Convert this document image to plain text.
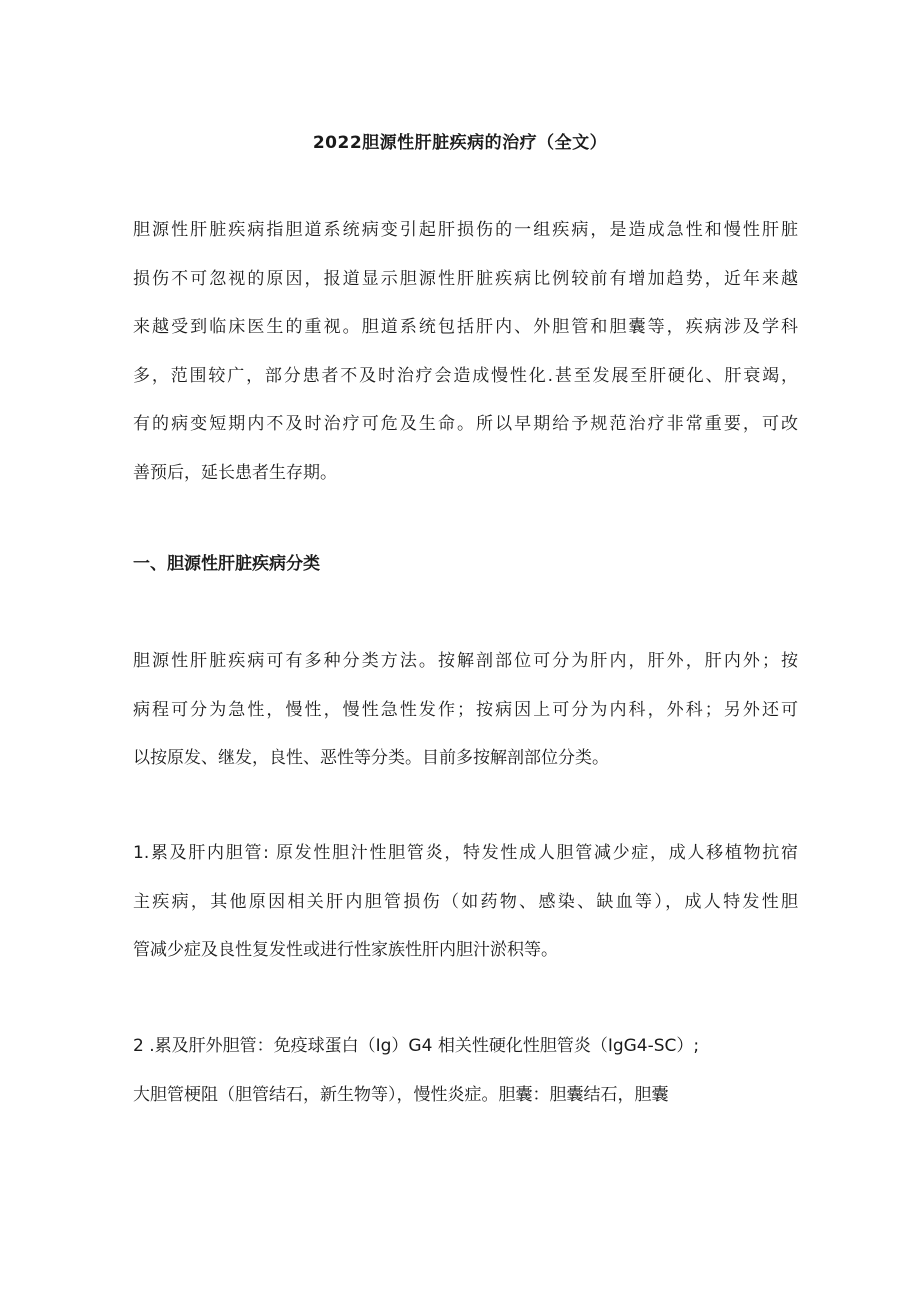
2022胆源性肝脏疾病的治疗（全文）
胆源性肝脏疾病指胆道系统病变引起肝损伤的一组疾病，是造成急性和慢性肝脏
损伤不可忽视的原因，报道显示胆源性肝脏疾病比例较前有增加趋势，近年来越
来越受到临床医生的重视。胆道系统包括肝内、外胆管和胆囊等，疾病涉及学科
多，范围较广，部分患者不及时治疗会造成慢性化.甚至发展至肝硬化、肝衰竭，
有的病变短期内不及时治疗可危及生命。所以早期给予规范治疗非常重要，可改
善预后，延长患者生存期。
一、胆源性肝脏疾病分类
胆源性肝脏疾病可有多种分类方法。按解剖部位可分为肝内，肝外，肝内外；按
病程可分为急性，慢性，慢性急性发作；按病因上可分为内科，外科；另外还可
以按原发、继发，良性、恶性等分类。目前多按解剖部位分类。
1.累及肝内胆管: 原发性胆汁性胆管炎，特发性成人胆管减少症，成人移植物抗宿
主疾病，其他原因相关肝内胆管损伤（如药物、感染、缺血等），成人特发性胆
管减少症及良性复发性或进行性家族性肝内胆汁淤积等。
2 .累及肝外胆管：免疫球蛋白（Ig）G4 相关性硬化性胆管炎（IgG4-SC）;
大胆管梗阻（胆管结石，新生物等），慢性炎症。胆囊：胆囊结石，胆囊
